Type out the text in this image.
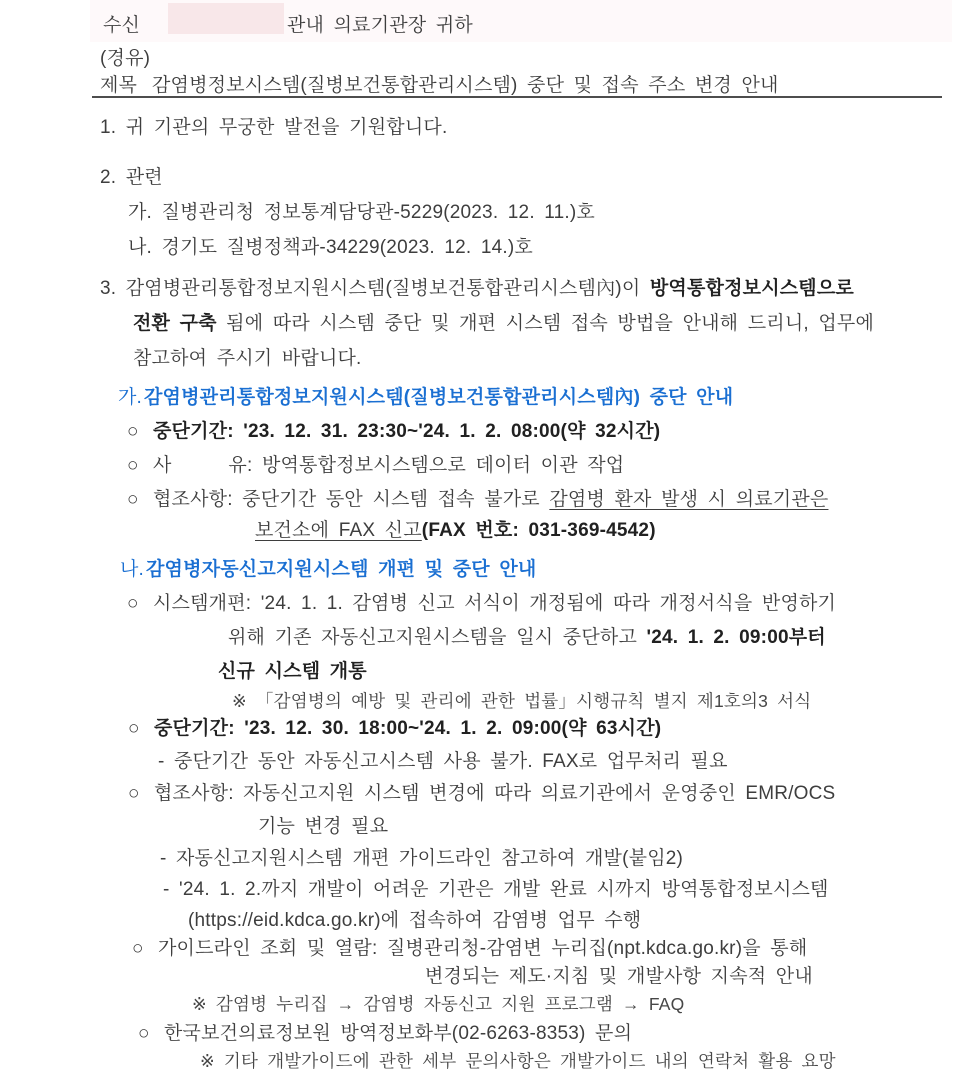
수신	관내 의료기관장 귀하
(경유)
제목 감염병정보시스템(질병보건통합관리시스템) 중단 및 접속 주소 변경 안내
1. 귀 기관의 무궁한 발전을 기원합니다.
2. 관련
가. 질병관리청 정보통계담당관-5229(2023. 12. 11.)호
나. 경기도 질병정책과-34229(2023. 12. 14.)호
3. 감염병관리통합정보지원시스템(질병보건통합관리시스템內)이 방역통합정보시스템으로
전환 구축 됨에 따라 시스템 중단 및 개편 시스템 접속 방법을 안내해 드리니, 업무에
참고하여 주시기 바랍니다.
가. 감염병관리통합정보지원시스템(질병보건통합관리시스템內) 중단 안내
○ 중단기간: '23. 12. 31. 23:30~'24. 1. 2. 08:00(약 32시간)
○ 사      유: 방역통합정보시스템으로 데이터 이관 작업
○ 협조사항: 중단기간 동안 시스템 접속 불가로 감염병 환자 발생 시 의료기관은
보건소에 FAX 신고(FAX 번호: 031-369-4542)
나. 감염병자동신고지원시스템 개편 및 중단 안내
○ 시스템개편: '24. 1. 1. 감염병 신고 서식이 개정됨에 따라 개정서식을 반영하기
위해 기존 자동신고지원시스템을 일시 중단하고 '24. 1. 2. 09:00부터
신규 시스템 개통
※ 「감염병의 예방 및 관리에 관한 법률」시행규칙 별지 제1호의3 서식
○ 중단기간: '23. 12. 30. 18:00~'24. 1. 2. 09:00(약 63시간)
- 중단기간 동안 자동신고시스템 사용 불가. FAX로 업무처리 필요
○ 협조사항: 자동신고지원 시스템 변경에 따라 의료기관에서 운영중인 EMR/OCS
기능 변경 필요
- 자동신고지원시스템 개편 가이드라인 참고하여 개발(붙임2)
- '24. 1. 2.까지 개발이 어려운 기관은 개발 완료 시까지 방역통합정보시스템
(https://eid.kdca.go.kr)에 접속하여 감염병 업무 수행
○ 가이드라인 조회 및 열람: 질병관리청-감염변 누리집(npt.kdca.go.kr)을 통해
변경되는 제도·지침 및 개발사항 지속적 안내
※ 감염병 누리집 → 감염병 자동신고 지원 프로그램 → FAQ
○ 한국보건의료정보원 방역정보화부(02-6263-8353) 문의
※ 기타 개발가이드에 관한 세부 문의사항은 개발가이드 내의 연락처 활용 요망
